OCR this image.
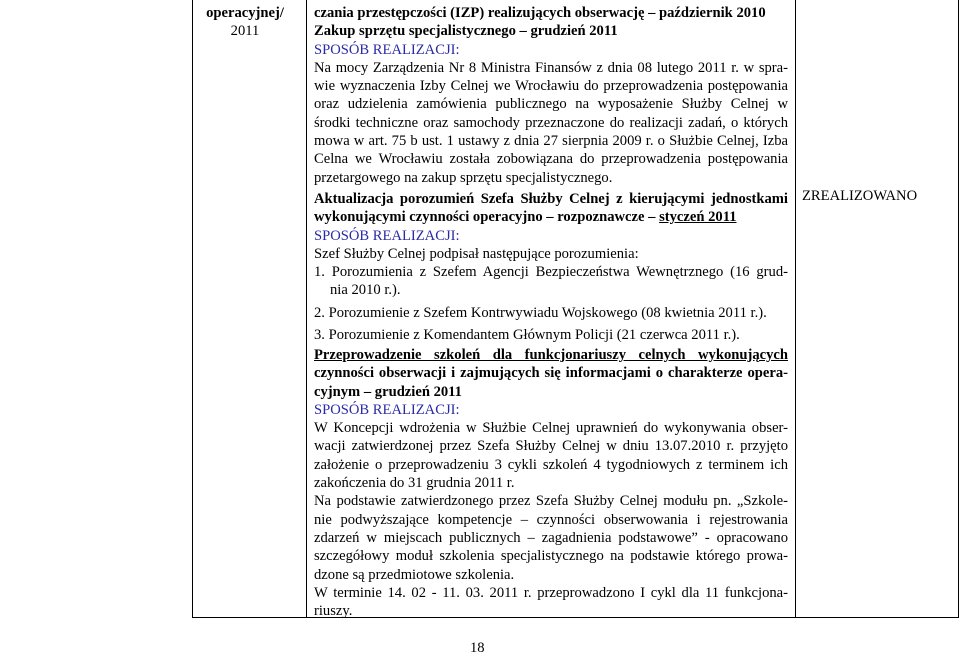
operacyjnej/
2011
czania przestępczości (IZP) realizujących obserwację – październik 2010
Zakup sprzętu specjalistycznego – grudzień 2011
SPOSÓB REALIZACJI:
Na mocy Zarządzenia Nr 8 Ministra Finansów z dnia 08 lutego 2011 r. w spra-
wie wyznaczenia Izby Celnej we Wrocławiu do przeprowadzenia postępowania
oraz udzielenia zamówienia publicznego na wyposażenie Służby Celnej w
środki techniczne oraz samochody przeznaczone do realizacji zadań, o których
mowa w art. 75 b ust. 1 ustawy z dnia 27 sierpnia 2009 r. o Służbie Celnej, Izba
Celna we Wrocławiu została zobowiązana do przeprowadzenia postępowania
przetargowego na zakup sprzętu specjalistycznego.
Aktualizacja porozumień Szefa Służby Celnej z kierującymi jednostkami
wykonującymi czynności operacyjno – rozpoznawcze – styczeń 2011
SPOSÓB REALIZACJI:
Szef Służby Celnej podpisał następujące porozumienia:
1. Porozumienia z Szefem Agencji Bezpieczeństwa Wewnętrznego (16 grud-
nia 2010 r.).
2. Porozumienie z Szefem Kontrwywiadu Wojskowego (08 kwietnia 2011 r.).
3. Porozumienie z Komendantem Głównym Policji (21 czerwca 2011 r.).
ZREALIZOWANO
Przeprowadzenie szkoleń dla funkcjonariuszy celnych wykonujących
czynności obserwacji i zajmujących się informacjami o charakterze opera-
cyjnym – grudzień 2011
SPOSÓB REALIZACJI:
W Koncepcji wdrożenia w Służbie Celnej uprawnień do wykonywania obser-
wacji zatwierdzonej przez Szefa Służby Celnej w dniu 13.07.2010 r. przyjęto
założenie o przeprowadzeniu 3 cykli szkoleń 4 tygodniowych z terminem ich
zakończenia do 31 grudnia 2011 r.
Na podstawie zatwierdzonego przez Szefa Służby Celnej modułu pn. „Szkole-
nie podwyższające kompetencje – czynności obserwowania i rejestrowania
zdarzeń w miejscach publicznych – zagadnienia podstawowe” - opracowano
szczegółowy moduł szkolenia specjalistycznego na podstawie którego prowa-
dzone są przedmiotowe szkolenia.
W terminie 14. 02 - 11. 03. 2011 r. przeprowadzono I cykl dla 11 funkcjona-
riuszy.
18
